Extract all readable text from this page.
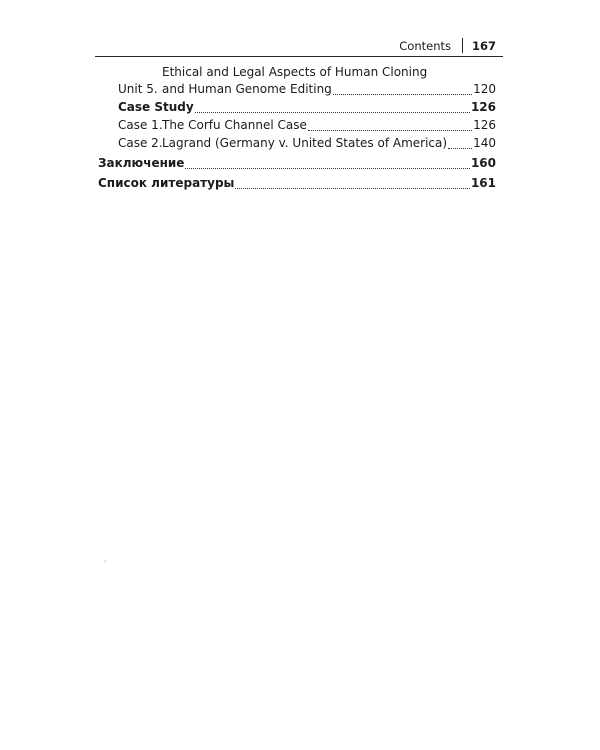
Contents 167
Unit 5.
Ethical and Legal Aspects of Human Cloning
and Human Genome Editing	120
Case Study	126
Case 1. The Corfu Channel Case	126
Case 2. Lagrand (Germany v. United States of America) 140
Заключение	160
Список литературы	161
